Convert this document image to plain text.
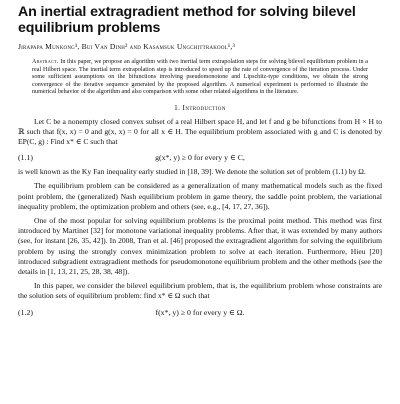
An inertial extragradient method for solving bilevel
equilibrium problems
Jirapapa Munkong¹, Bui Van Dinh² and Kasamsuk Ungchittrakool¹,³
Abstract. In this paper, we propose an algorithm with two inertial term extrapolation steps for solving bilevel equilibrium problem in a real Hilbert space. The inertial term extrapolation step is introduced to speed up the rate of convergence of the iteration process. Under some sufficient assumptions on the bifunctions involving pseudomonotone and Lipschitz-type conditions, we obtain the strong convergence of the iterative sequence generated by the proposed algorithm. A numerical experiment is performed to illustrate the numerical behavior of the algorithm and also comparison with some other related algorithms in the literature.
1. Introduction

Let C be a nonempty closed convex subset of a real Hilbert space H, and let f and g be bifunctions from H × H to ℝ such that f(x, x) = 0 and g(x, x) = 0 for all x ∈ H. The equilibrium problem associated with g and C is denoted by EP(C, g) : Find x* ∈ C such that

g(x*, y) ≥ 0 for every y ∈ C,
(1.1)

is well known as the Ky Fan inequality early studied in [18, 39]. We denote the solution set of problem (1.1) by Ω.

The equilibrium problem can be considered as a generalization of many mathematical models such as the fixed point problem, the (generalized) Nash equilibrium problem in game theory, the saddle point problem, the variational inequality problem, the optimization problem and others (see, e.g., [4, 17, 27, 36]).

One of the most popular for solving equilibrium problems is the proximal point method. This method was first introduced by Martinet [32] for monotone variational inequality problems. After that, it was extended by many authors (see, for instant [26, 35, 42]). In 2008, Tran et al. [46] proposed the extragradient algorithm for solving the equilibrium problem by using the strongly convex minimization problem to solve at each iteration. Furthermore, Hieu [20] introduced subgradient extragradient methods for pseudomonotone equilibrium problem and the other methods (see the details in [1, 13, 21, 25, 28, 38, 48]).

In this paper, we consider the bilevel equilibrium problem, that is, the equilibrium problem whose constraints are the solution sets of equilibrium problem: find x* ∈ Ω such that

f(x*, y) ≥ 0 for every y ∈ Ω.
(1.2)
